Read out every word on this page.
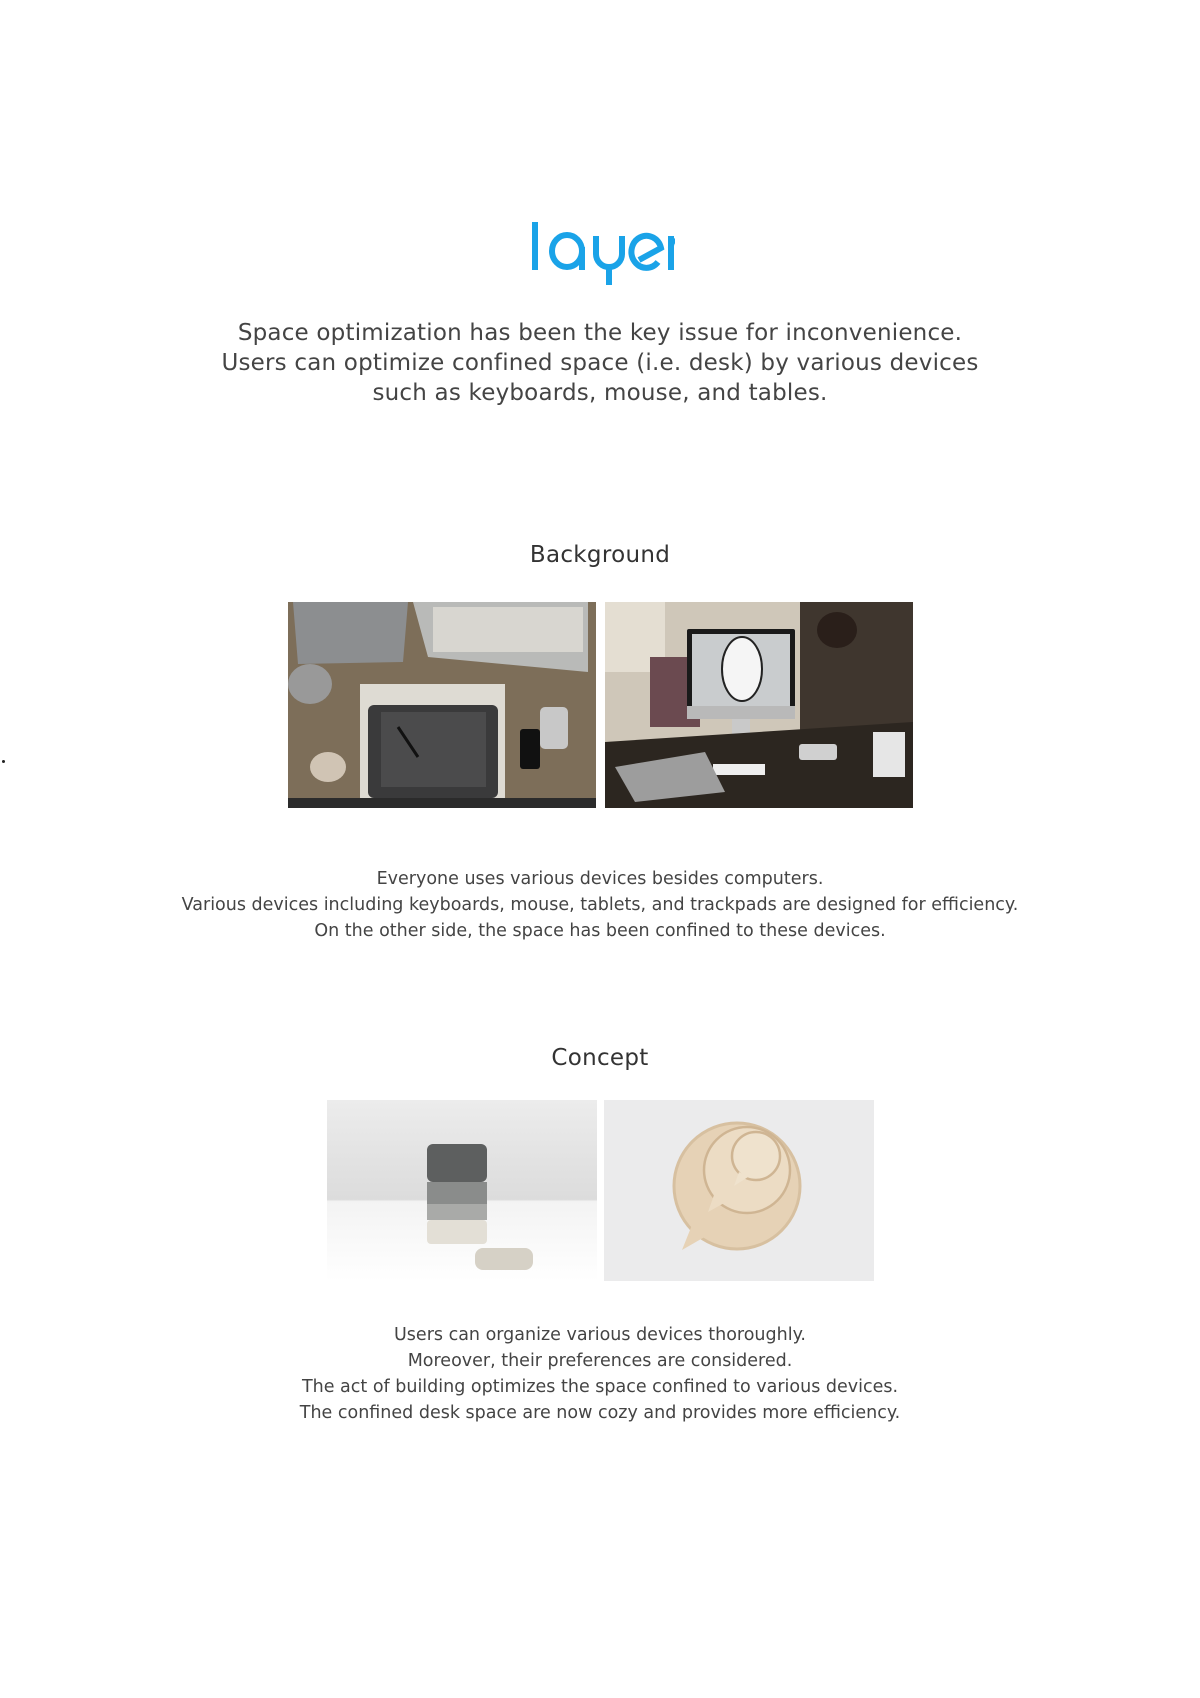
Space optimization has been the key issue for inconvenience.
Users can optimize confined space (i.e. desk) by various devices
such as keyboards, mouse, and tables.
Background
Everyone uses various devices besides computers.
Various devices including keyboards, mouse, tablets, and trackpads are designed for efficiency.
On the other side, the space has been confined to these devices.
Concept
Users can organize various devices thoroughly.
Moreover, their preferences are considered.
The act of building optimizes the space confined to various devices.
The confined desk space are now cozy and provides more efficiency.
